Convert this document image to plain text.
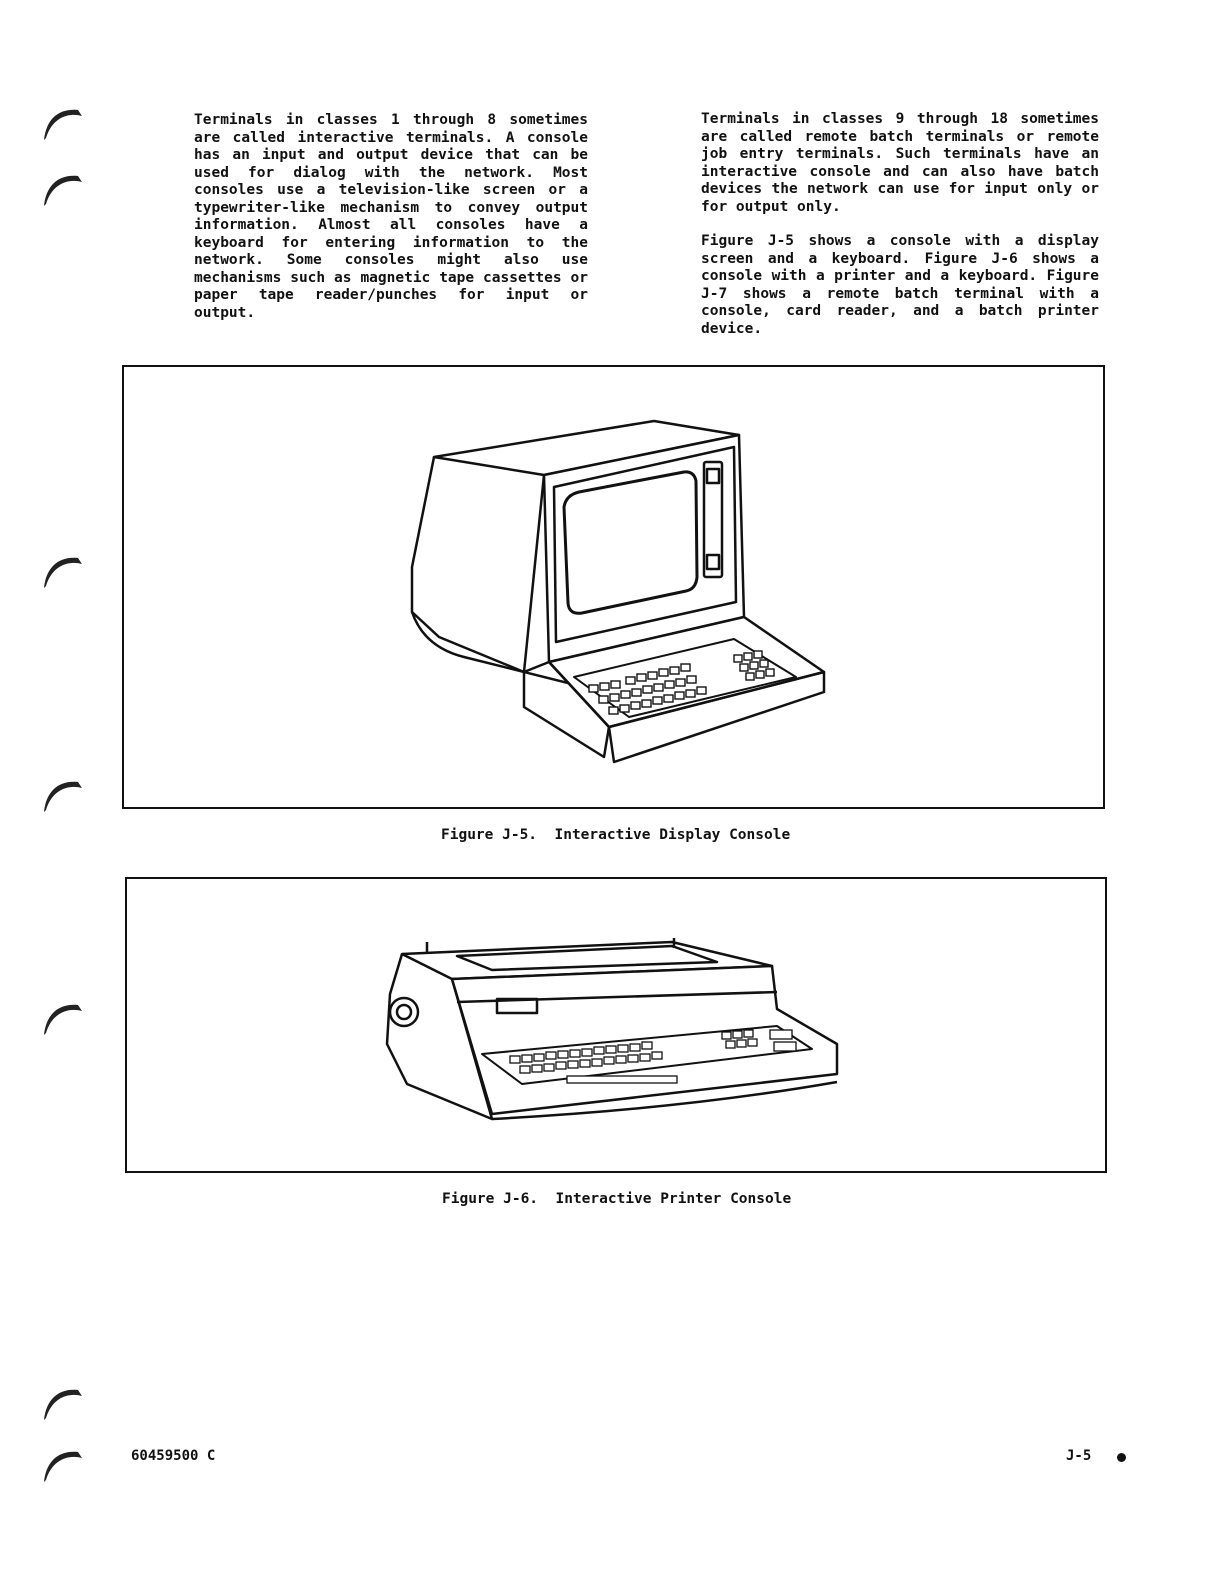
Terminals in classes 1 through 8 sometimes are called interactive terminals. A console has an input and output device that can be used for dialog with the network. Most consoles use a television-like screen or a typewriter-like mechanism to convey output information. Almost all consoles have a keyboard for entering information to the network. Some consoles might also use mechanisms such as magnetic tape cassettes or paper tape reader/punches for input or output.

Terminals in classes 9 through 18 sometimes are called remote batch terminals or remote job entry terminals. Such terminals have an interactive console and can also have batch devices the network can use for input only or for output only.

Figure J-5 shows a console with a display screen and a keyboard. Figure J-6 shows a console with a printer and a keyboard. Figure J-7 shows a remote batch terminal with a console, card reader, and a batch printer device.

Figure J-5.  Interactive Display Console
Figure J-6.  Interactive Printer Console
60459500 C	J-5
